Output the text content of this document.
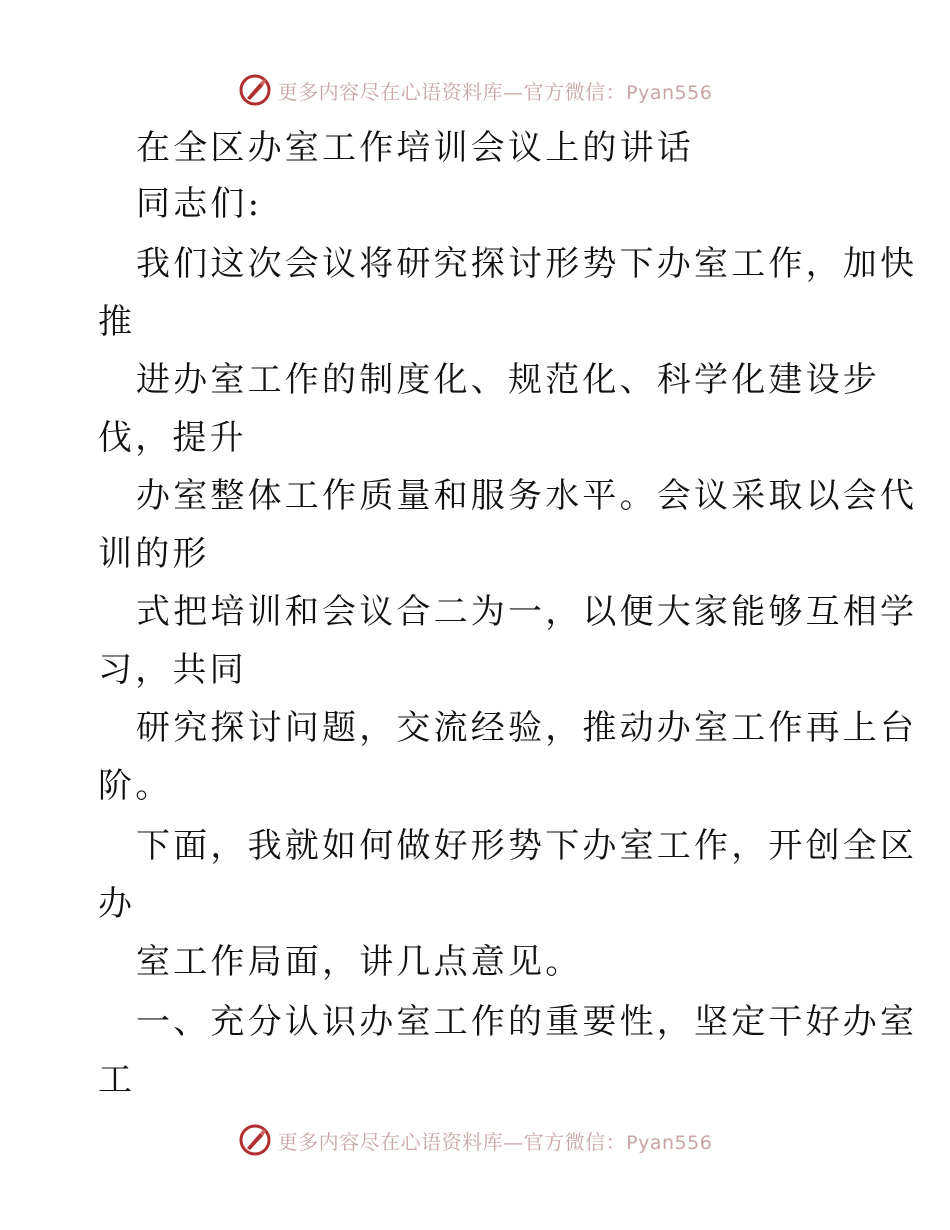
更多内容尽在心语资料库—官方微信：Pyan556
在全区办室工作培训会议上的讲话
同志们:
我们这次会议将研究探讨形势下办室工作，加快
推
进办室工作的制度化、规范化、科学化建设步
伐，提升
办室整体工作质量和服务水平。会议采取以会代
训的形
式把培训和会议合二为一，以便大家能够互相学
习，共同
研究探讨问题，交流经验，推动办室工作再上台
阶。
下面，我就如何做好形势下办室工作，开创全区
办
室工作局面，讲几点意见。
一、充分认识办室工作的重要性，坚定干好办室
工
更多内容尽在心语资料库—官方微信：Pyan556
